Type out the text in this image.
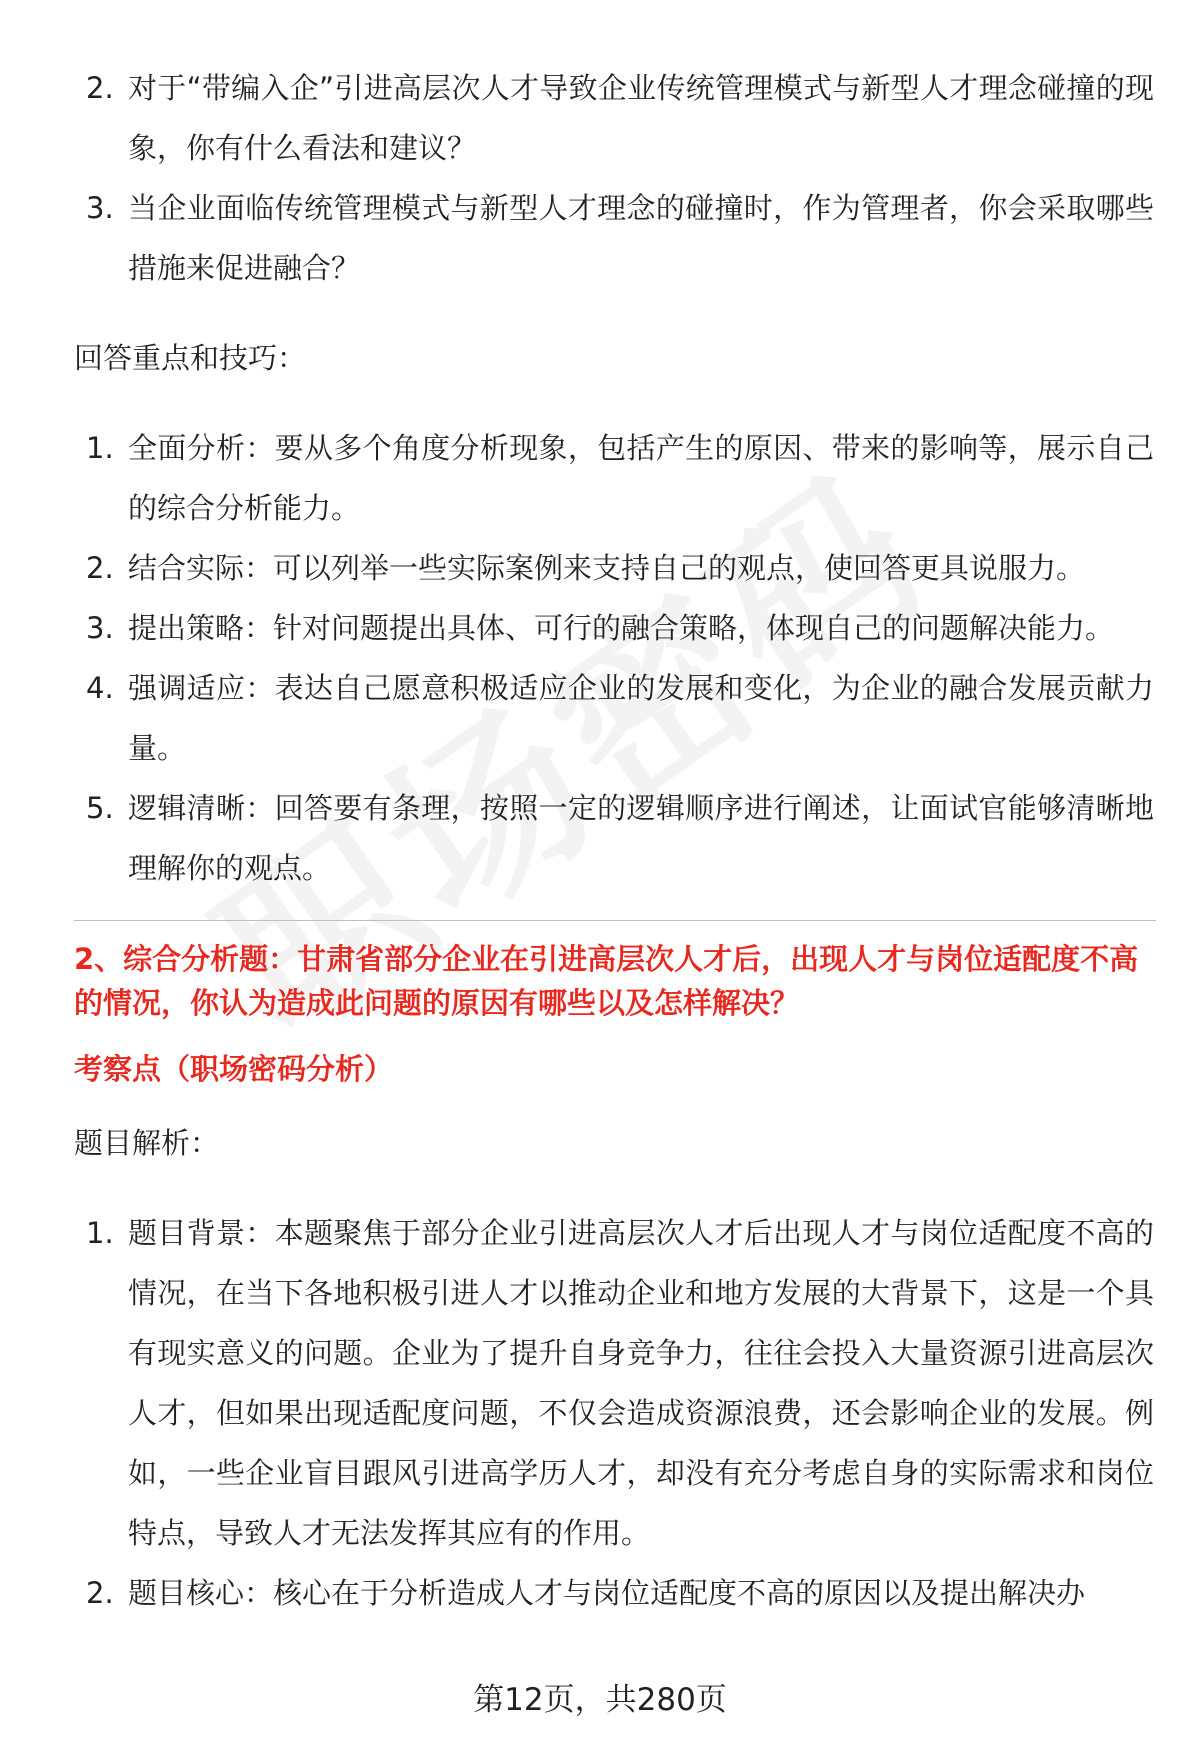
2. 对于“带编入企”引进高层次人才导致企业传统管理模式与新型人才理念碰撞的现象，你有什么看法和建议？
3. 当企业面临传统管理模式与新型人才理念的碰撞时，作为管理者，你会采取哪些措施来促进融合？

回答重点和技巧：

1. 全面分析：要从多个角度分析现象，包括产生的原因、带来的影响等，展示自己的综合分析能力。
2. 结合实际：可以列举一些实际案例来支持自己的观点，使回答更具说服力。
3. 提出策略：针对问题提出具体、可行的融合策略，体现自己的问题解决能力。
4. 强调适应：表达自己愿意积极适应企业的发展和变化，为企业的融合发展贡献力量。
5. 逻辑清晰：回答要有条理，按照一定的逻辑顺序进行阐述，让面试官能够清晰地理解你的观点。

2、综合分析题：甘肃省部分企业在引进高层次人才后，出现人才与岗位适配度不高的情况，你认为造成此问题的原因有哪些以及怎样解决？

考察点（职场密码分析）

题目解析：

1. 题目背景：本题聚焦于部分企业引进高层次人才后出现人才与岗位适配度不高的情况，在当下各地积极引进人才以推动企业和地方发展的大背景下，这是一个具有现实意义的问题。企业为了提升自身竞争力，往往会投入大量资源引进高层次人才，但如果出现适配度问题，不仅会造成资源浪费，还会影响企业的发展。例如，一些企业盲目跟风引进高学历人才，却没有充分考虑自身的实际需求和岗位特点，导致人才无法发挥其应有的作用。
2. 题目核心：核心在于分析造成人才与岗位适配度不高的原因以及提出解决办
第12页，共280页
